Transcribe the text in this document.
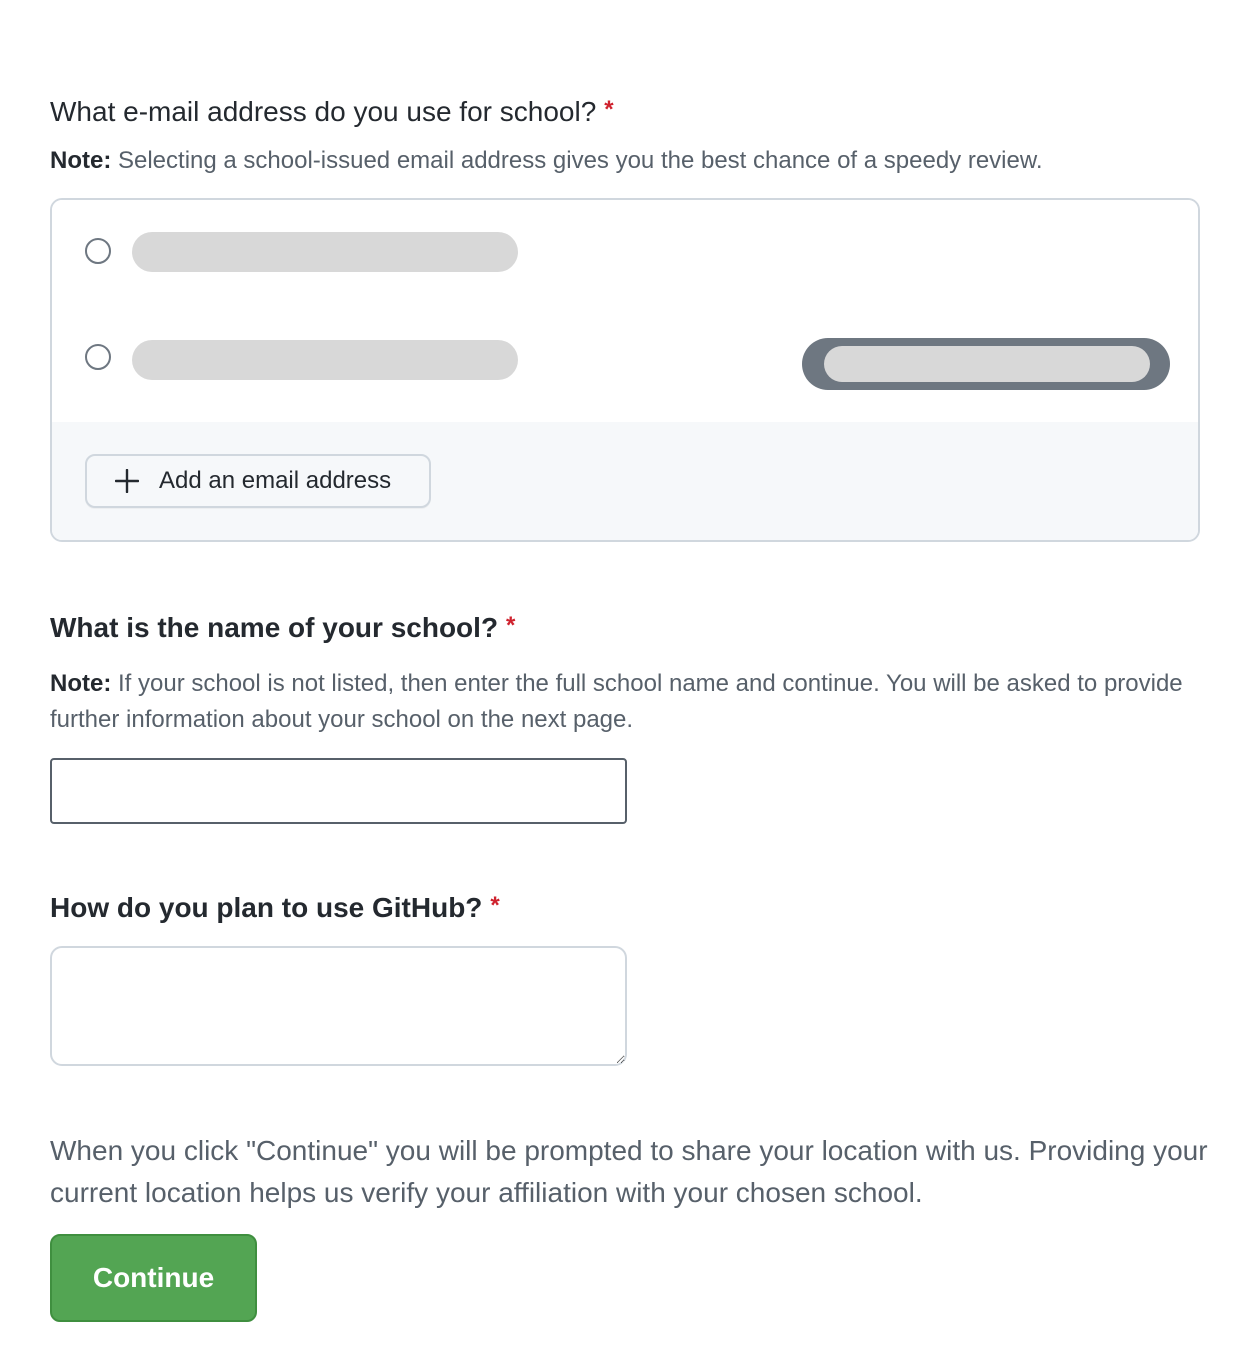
What e-mail address do you use for school? *
Note: Selecting a school-issued email address gives you the best chance of a speedy review.
Add an email address
What is the name of your school? *
Note: If your school is not listed, then enter the full school name and continue. You will be asked to provide further information about your school on the next page.
How do you plan to use GitHub? *
When you click "Continue" you will be prompted to share your location with us. Providing your current location helps us verify your affiliation with your chosen school.
Continue
